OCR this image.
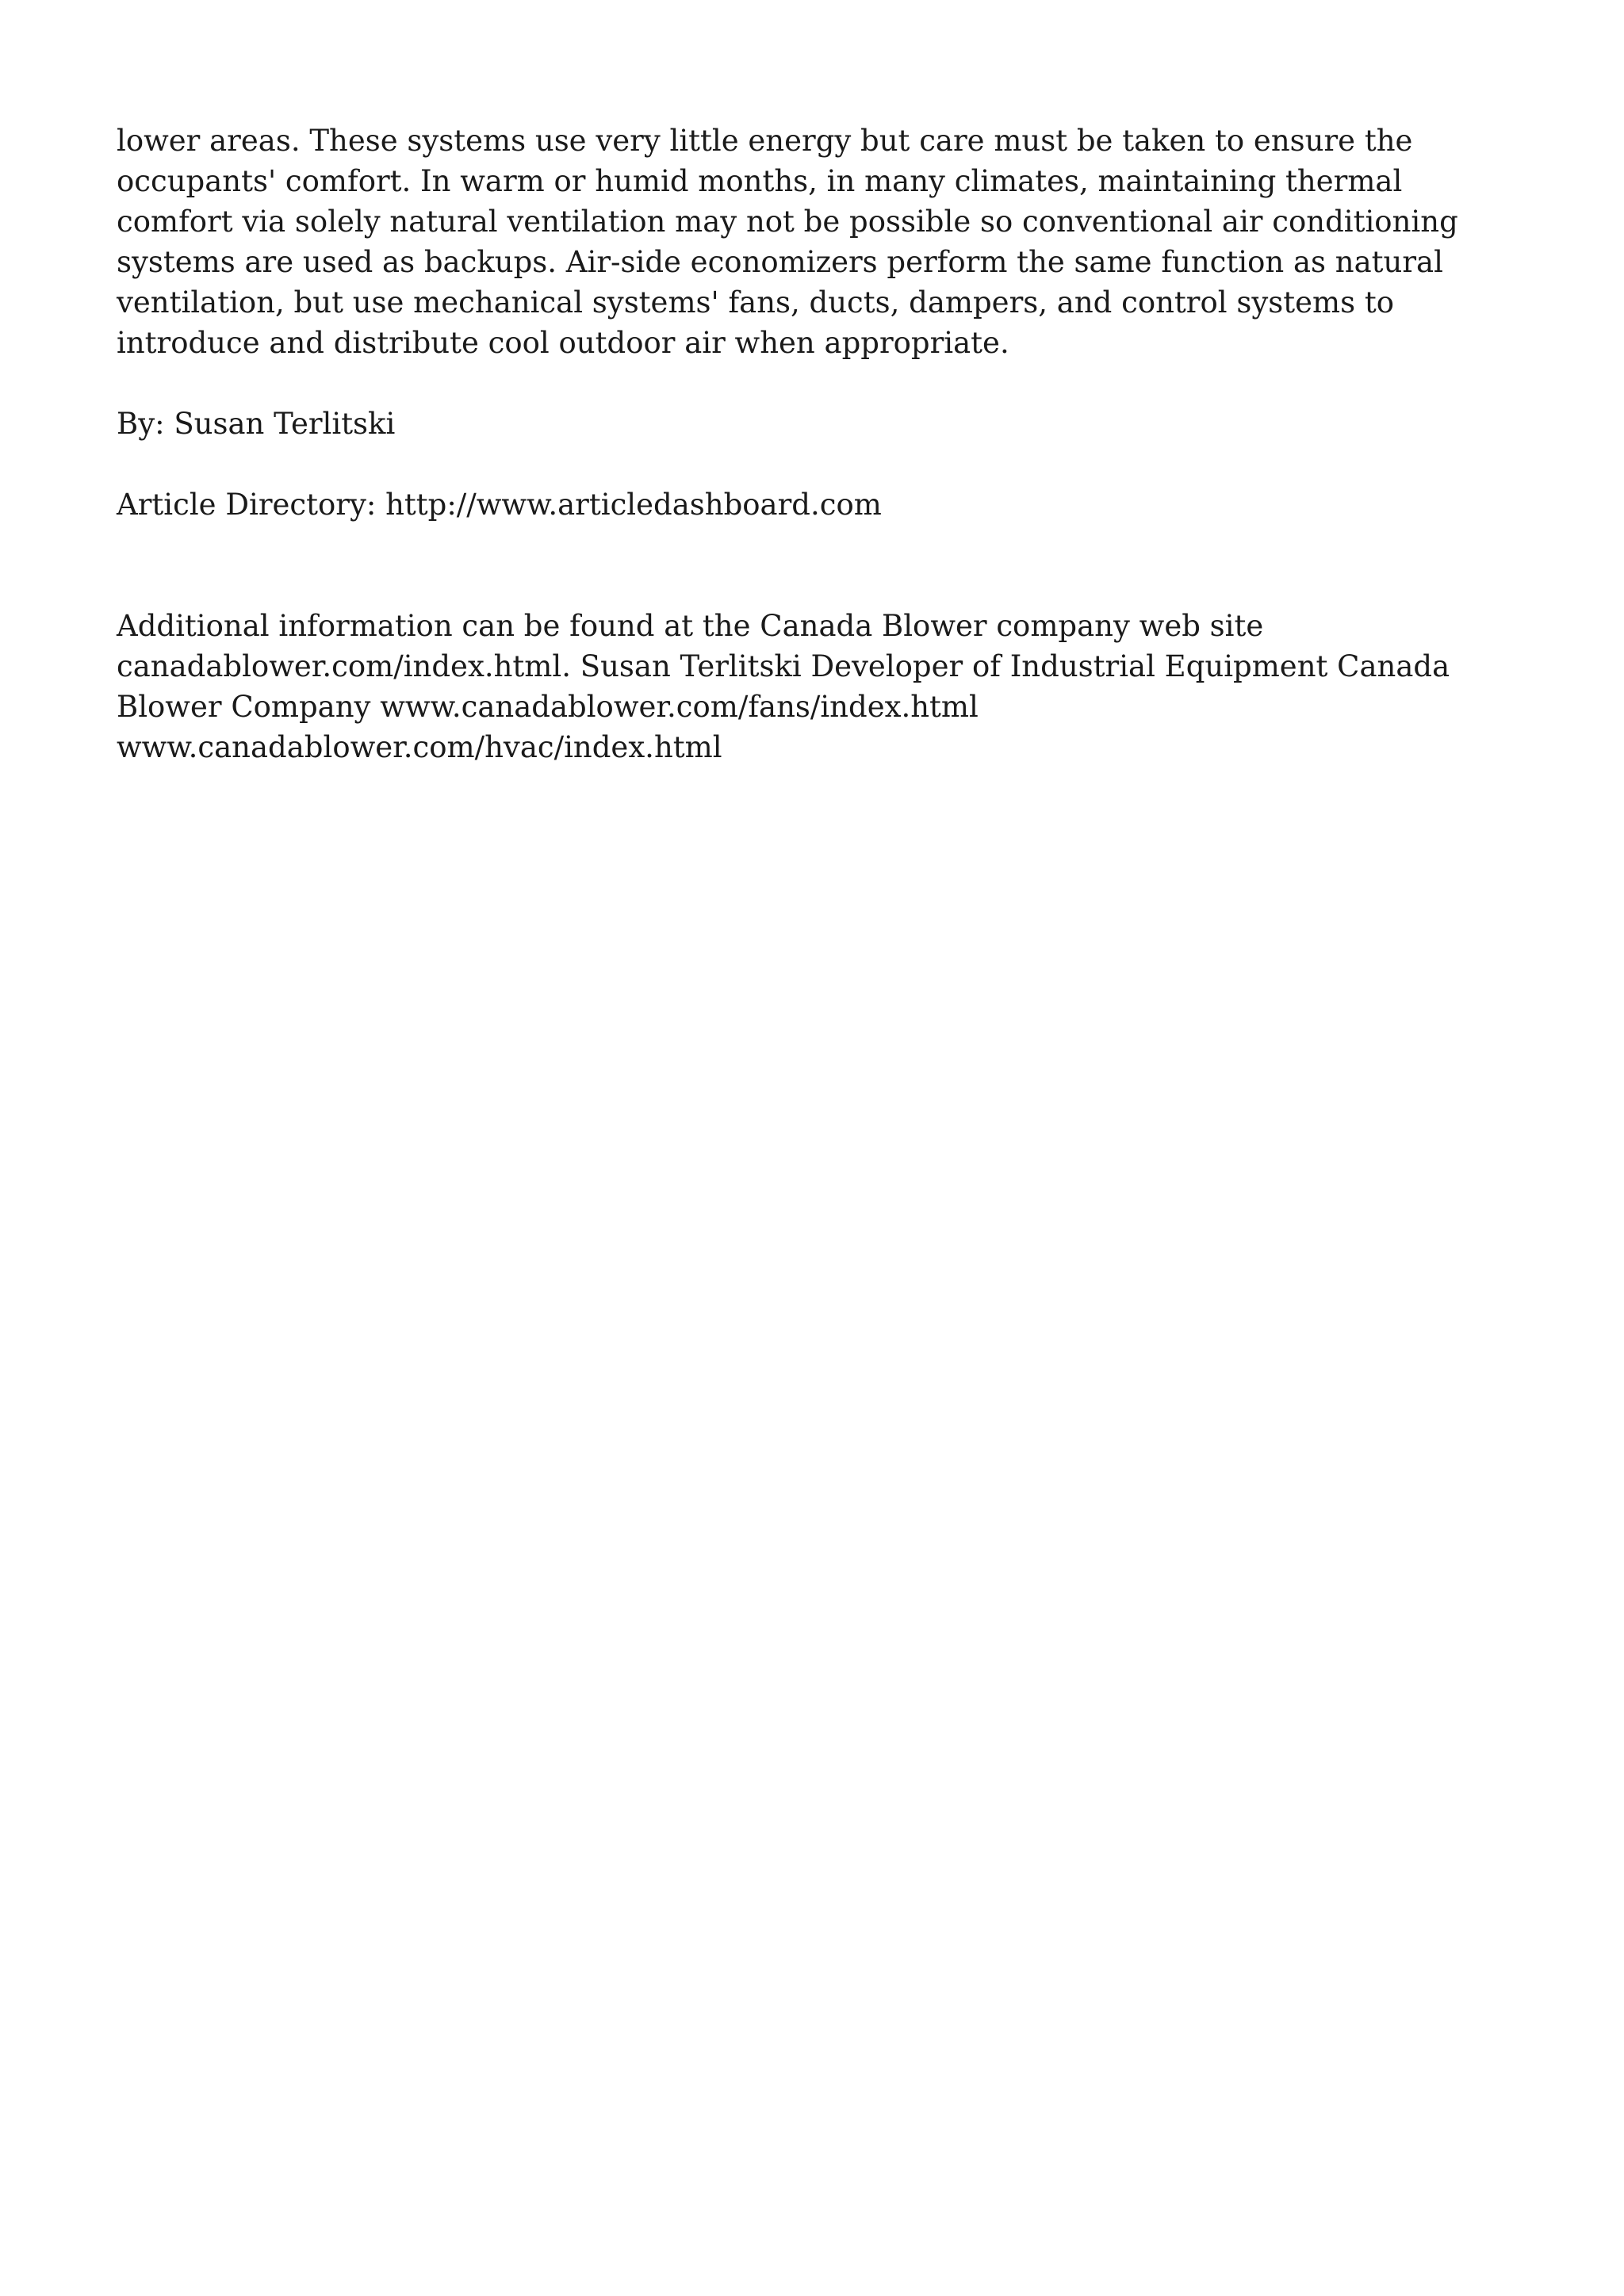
lower areas. These systems use very little energy but care must be taken to ensure the occupants' comfort. In warm or humid months, in many climates, maintaining thermal comfort via solely natural ventilation may not be possible so conventional air conditioning systems are used as backups. Air-side economizers perform the same function as natural ventilation, but use mechanical systems' fans, ducts, dampers, and control systems to introduce and distribute cool outdoor air when appropriate.

By: Susan Terlitski

Article Directory: http://www.articledashboard.com

Additional information can be found at the Canada Blower company web site canadablower.com/index.html. Susan Terlitski Developer of Industrial Equipment Canada Blower Company www.canadablower.com/fans/index.html www.canadablower.com/hvac/index.html
